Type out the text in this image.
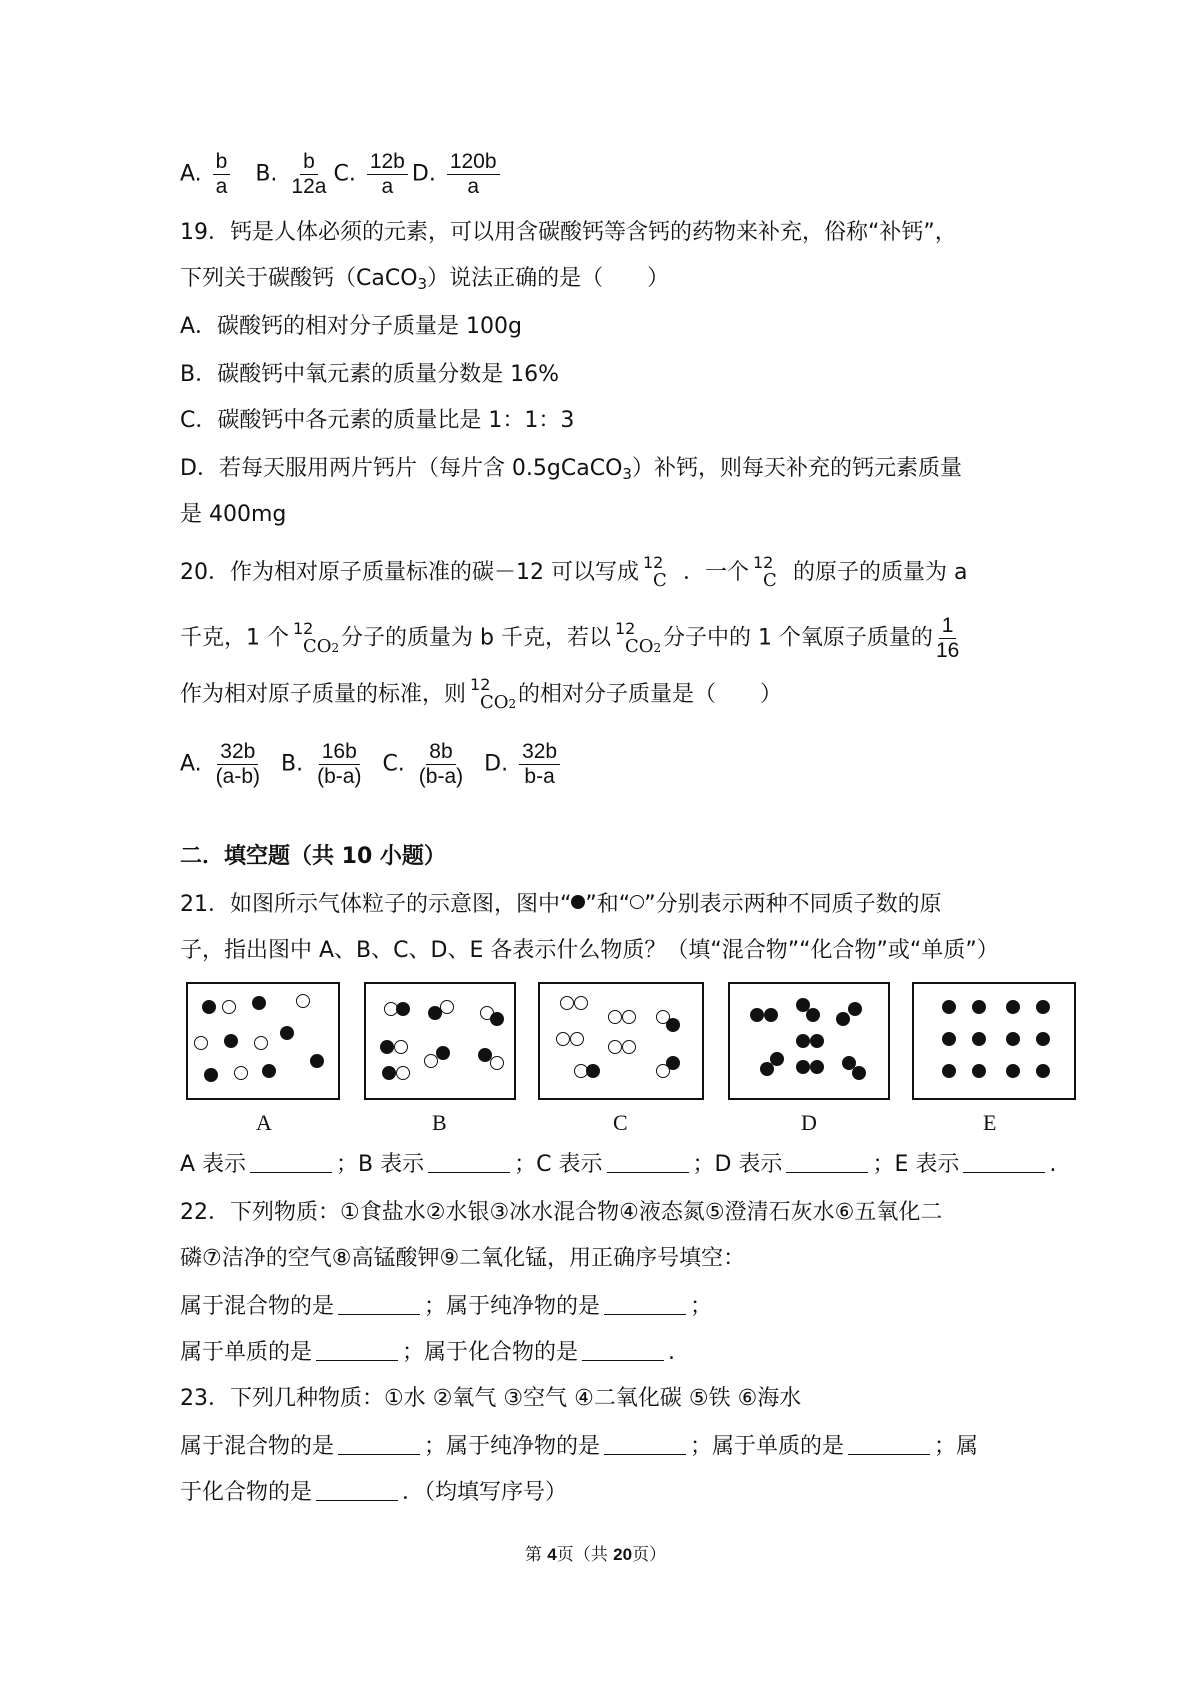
A. $\frac{b}{a} B$. $\frac{b}{12a} C$. $\frac{12b}{a} D$. $\frac{120b}{a}$
19．钙是人体必须的元素，可以用含碳酸钙等含钙的药物来补充，俗称“补钙”，
下列关于碳酸钙（CaCO$_3$）说法正确的是（　　）
A．碳酸钙的相对分子质量是 100g
B．碳酸钙中氧元素的质量分数是 16%
C．碳酸钙中各元素的质量比是 1：1：3
D．若每天服用两片钙片（每片含 0.5gCaCO$_3$）补钙，则每天补充的钙元素质量
是 400mg
20．作为相对原子质量标准的碳－12 可以写成 12
C ．一个 12
C 的原子的质量为 a
千克，1 个 12
CO2 分子的质量为 b 千克，若以 12
CO2 分子中的 1 个氧原子质量的 $\frac{1}{16}$
作为相对原子质量的标准，则 12
CO2 的相对分子质量是（　　）
A. $\frac{32b}{(a-b)} B$. $\frac{16b}{(b-a)} C$. $\frac{8b}{(b-a)} D$. $\frac{32b}{b-a}$
二．填空题（共 10 小题）
21．如图所示气体粒子的示意图，图中“ ”和“ ”分别表示两种不同质子数的原
子，指出图中 A、B、C、D、E 各表示什么物质？（填“混合物”“化合物”或“单质”）
A	B	C	D	E
A 表示	；B 表示	；C 表示	；D 表示	；E 表示	.
22．下列物质：①食盐水②水银③冰水混合物④液态氮⑤澄清石灰水⑥五氧化二
磷⑦洁净的空气⑧高锰酸钾⑨二氧化锰，用正确序号填空：
属于混合物的是	；属于纯净物的是	；
属于单质的是	；属于化合物的是	.
23．下列几种物质：①水 ②氧气 ③空气 ④二氧化碳 ⑤铁 ⑥海水
属于混合物的是	；属于纯净物的是	；属于单质的是	；属
于化合物的是	．（均填写序号）
第 4页（共 20页）
